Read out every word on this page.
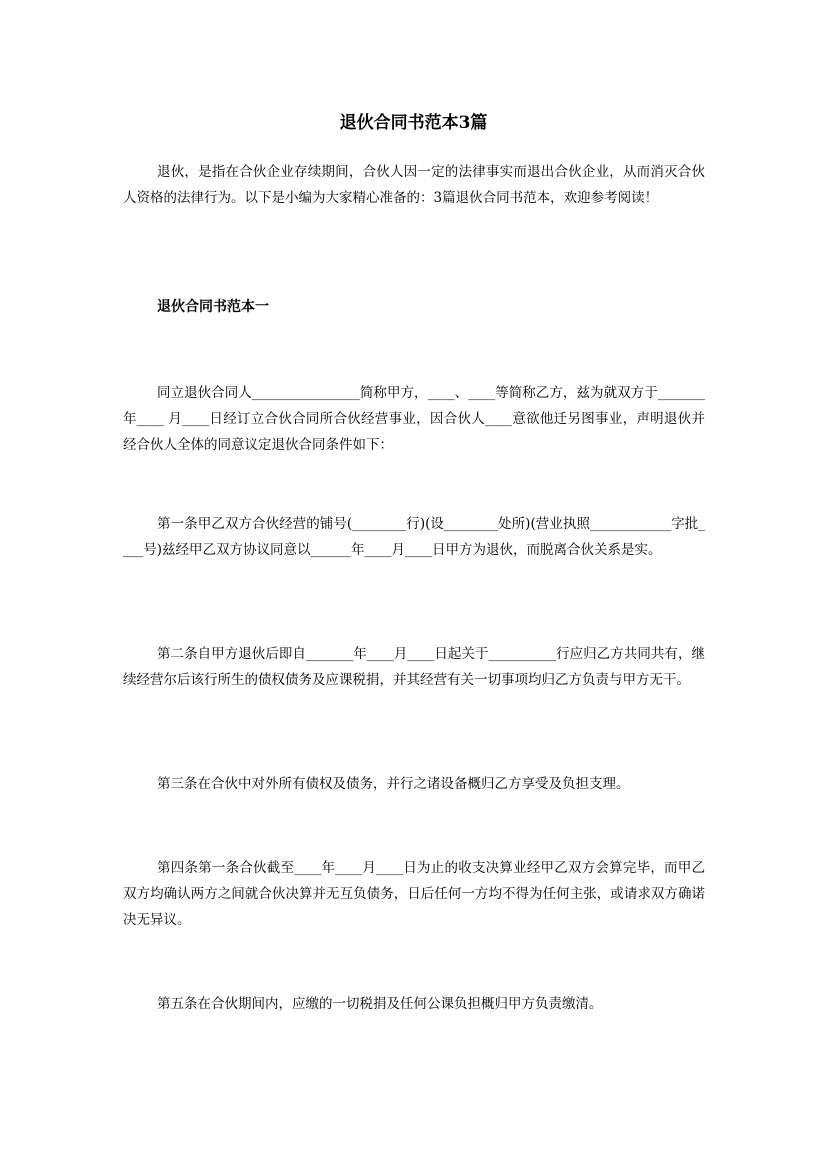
退伙合同书范本3篇

退伙，是指在合伙企业存续期间，合伙人因一定的法律事实而退出合伙企业，从而消灭合伙人资格的法律行为。以下是小编为大家精心准备的：3篇退伙合同书范本，欢迎参考阅读！

退伙合同书范本一

同立退伙合同人________________简称甲方，____、____等简称乙方，兹为就双方于_______年____ 月____日经订立合伙合同所合伙经营事业，因合伙人____意欲他迁另图事业，声明退伙并经合伙人全体的同意议定退伙合同条件如下：

第一条甲乙双方合伙经营的铺号(________行)(设________处所)(营业执照____________字批____号)兹经甲乙双方协议同意以______年____月____日甲方为退伙，而脱离合伙关系是实。

第二条自甲方退伙后即自_______年____月____日起关于__________行应归乙方共同共有，继续经营尔后该行所生的债权债务及应课税捐，并其经营有关一切事项均归乙方负责与甲方无干。

第三条在合伙中对外所有债权及债务，并行之诸设备概归乙方享受及负担支理。

第四条第一条合伙截至____年____月____日为止的收支决算业经甲乙双方会算完毕，而甲乙双方均确认两方之间就合伙决算并无互负债务，日后任何一方均不得为任何主张，或请求双方确诺决无异议。

第五条在合伙期间内，应缴的一切税捐及任何公课负担概归甲方负责缴清。
